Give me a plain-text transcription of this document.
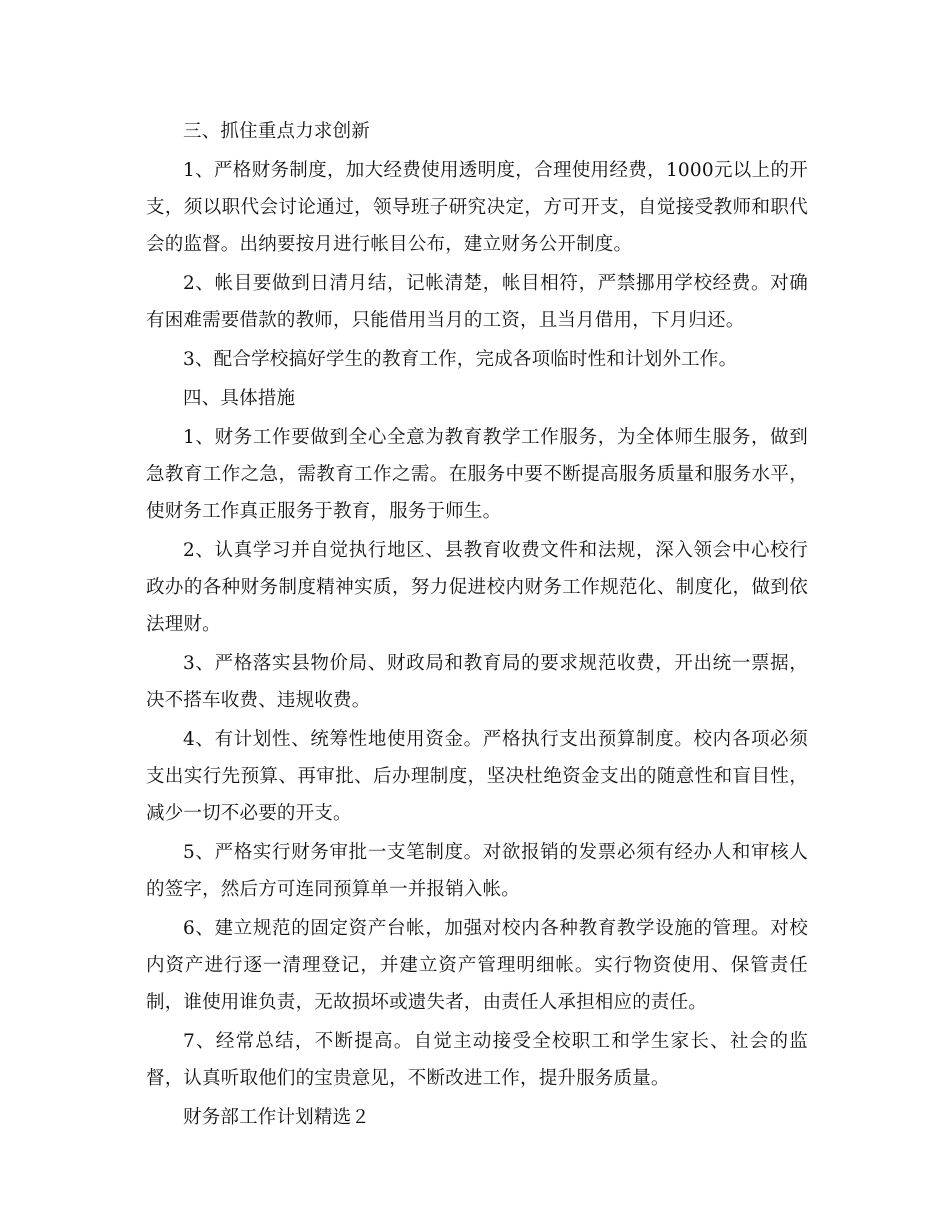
三、抓住重点力求创新

1、严格财务制度，加大经费使用透明度，合理使用经费，1000元以上的开支，须以职代会讨论通过，领导班子研究决定，方可开支，自觉接受教师和职代会的监督。出纳要按月进行帐目公布，建立财务公开制度。

2、帐目要做到日清月结，记帐清楚，帐目相符，严禁挪用学校经费。对确有困难需要借款的教师，只能借用当月的工资，且当月借用，下月归还。

3、配合学校搞好学生的教育工作，完成各项临时性和计划外工作。

四、具体措施

1、财务工作要做到全心全意为教育教学工作服务，为全体师生服务，做到急教育工作之急，需教育工作之需。在服务中要不断提高服务质量和服务水平，使财务工作真正服务于教育，服务于师生。

2、认真学习并自觉执行地区、县教育收费文件和法规，深入领会中心校行政办的各种财务制度精神实质，努力促进校内财务工作规范化、制度化，做到依法理财。

3、严格落实县物价局、财政局和教育局的要求规范收费，开出统一票据，决不搭车收费、违规收费。

4、有计划性、统筹性地使用资金。严格执行支出预算制度。校内各项必须支出实行先预算、再审批、后办理制度，坚决杜绝资金支出的随意性和盲目性，减少一切不必要的开支。

5、严格实行财务审批一支笔制度。对欲报销的发票必须有经办人和审核人的签字，然后方可连同预算单一并报销入帐。

6、建立规范的固定资产台帐，加强对校内各种教育教学设施的管理。对校内资产进行逐一清理登记，并建立资产管理明细帐。实行物资使用、保管责任制，谁使用谁负责，无故损坏或遗失者，由责任人承担相应的责任。

7、经常总结，不断提高。自觉主动接受全校职工和学生家长、社会的监督，认真听取他们的宝贵意见，不断改进工作，提升服务质量。

财务部工作计划精选２
